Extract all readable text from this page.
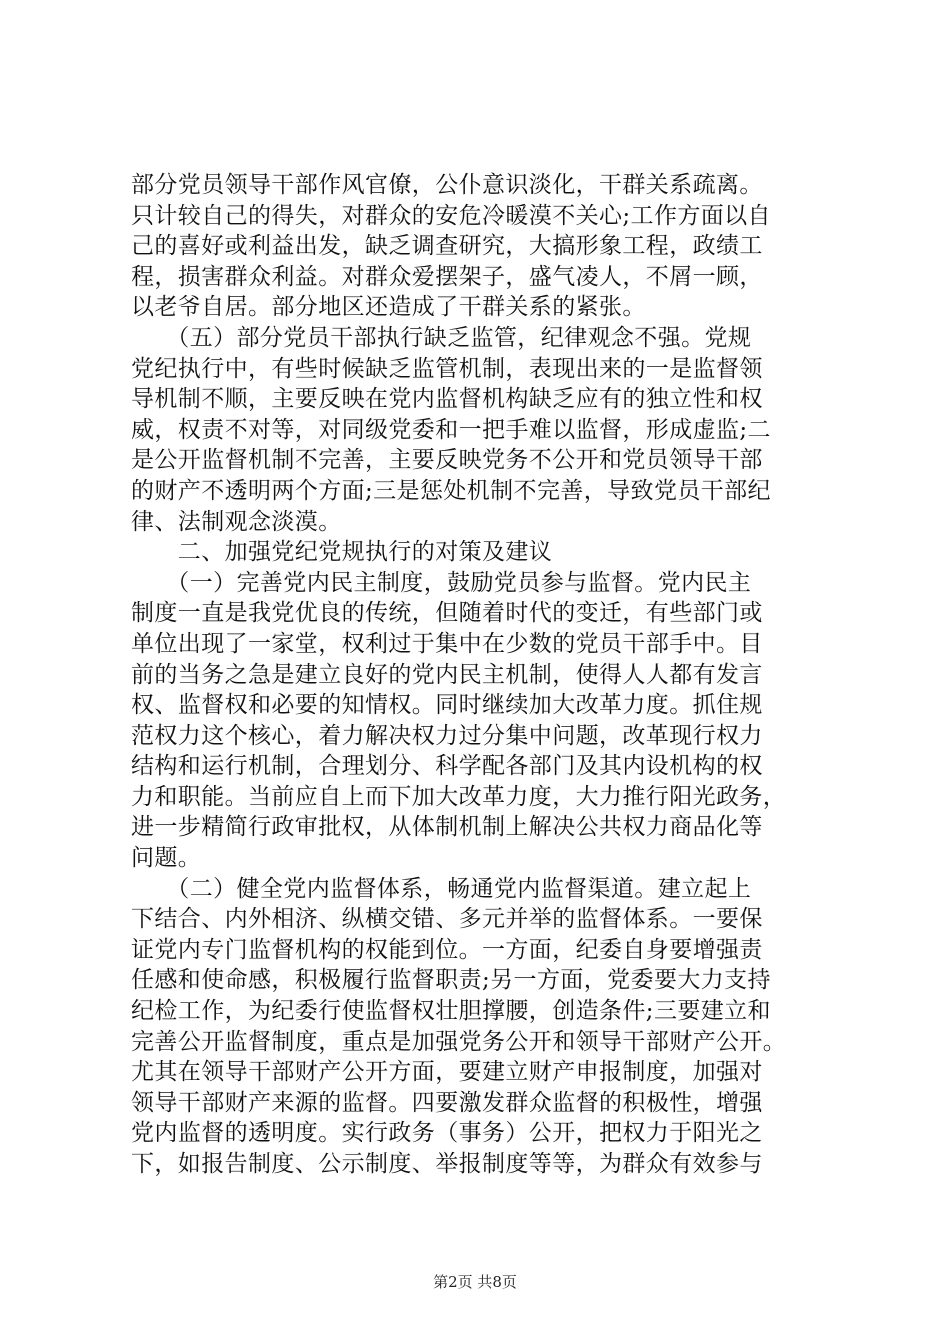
部分党员领导干部作风官僚，公仆意识淡化，干群关系疏离。
只计较自己的得失，对群众的安危冷暖漠不关心;工作方面以自
己的喜好或利益出发，缺乏调查研究，大搞形象工程，政绩工
程，损害群众利益。对群众爱摆架子，盛气凌人，不屑一顾，
以老爷自居。部分地区还造成了干群关系的紧张。
　　（五）部分党员干部执行缺乏监管，纪律观念不强。党规
党纪执行中，有些时候缺乏监管机制，表现出来的一是监督领
导机制不顺，主要反映在党内监督机构缺乏应有的独立性和权
威，权责不对等，对同级党委和一把手难以监督，形成虚监;二
是公开监督机制不完善，主要反映党务不公开和党员领导干部
的财产不透明两个方面;三是惩处机制不完善，导致党员干部纪
律、法制观念淡漠。
　　二、加强党纪党规执行的对策及建议
　　（一）完善党内民主制度，鼓励党员参与监督。党内民主
制度一直是我党优良的传统，但随着时代的变迁，有些部门或
单位出现了一家堂，权利过于集中在少数的党员干部手中。目
前的当务之急是建立良好的党内民主机制，使得人人都有发言
权、监督权和必要的知情权。同时继续加大改革力度。抓住规
范权力这个核心，着力解决权力过分集中问题，改革现行权力
结构和运行机制，合理划分、科学配各部门及其内设机构的权
力和职能。当前应自上而下加大改革力度，大力推行阳光政务，
进一步精简行政审批权，从体制机制上解决公共权力商品化等
问题。
　　（二）健全党内监督体系，畅通党内监督渠道。建立起上
下结合、内外相济、纵横交错、多元并举的监督体系。一要保
证党内专门监督机构的权能到位。一方面，纪委自身要增强责
任感和使命感，积极履行监督职责;另一方面，党委要大力支持
纪检工作，为纪委行使监督权壮胆撑腰，创造条件;三要建立和
完善公开监督制度，重点是加强党务公开和领导干部财产公开。
尤其在领导干部财产公开方面，要建立财产申报制度，加强对
领导干部财产来源的监督。四要激发群众监督的积极性，增强
党内监督的透明度。实行政务（事务）公开，把权力于阳光之
下，如报告制度、公示制度、举报制度等等，为群众有效参与
第2页 共8页
